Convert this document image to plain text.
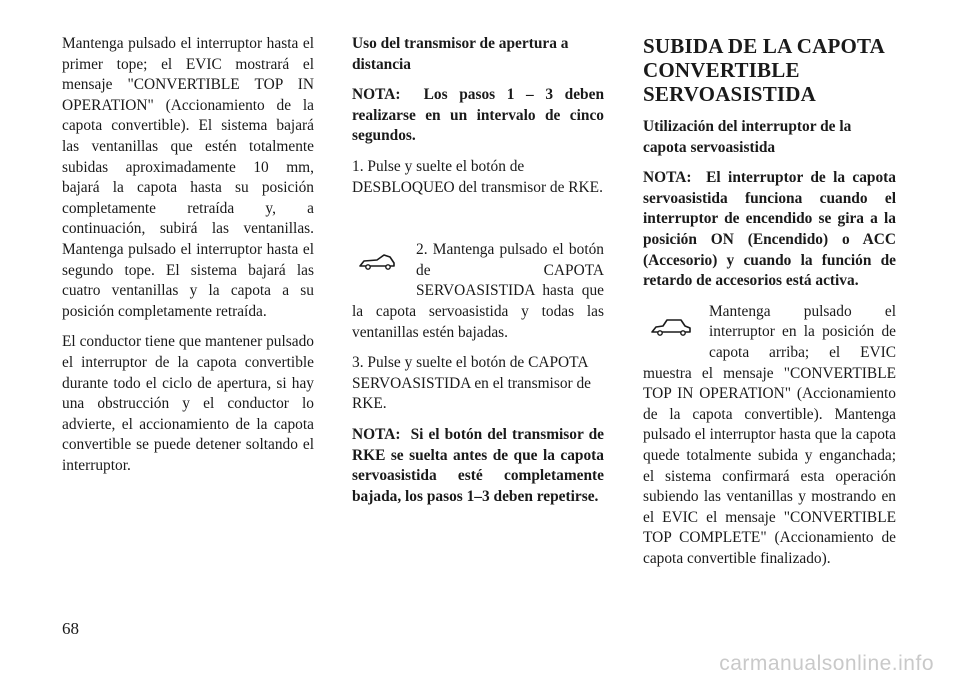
Mantenga pulsado el interruptor hasta el primer tope; el EVIC mostrará el mensaje "CONVERTIBLE TOP IN OPERATION" (Accionamiento de la capota convertible). El sistema bajará las ventanillas que estén totalmente subidas aproximadamente 10 mm, bajará la capota hasta su posición completamente retraída y, a continuación, subirá las ventanillas. Mantenga pulsado el interruptor hasta el segundo tope. El sistema bajará las cuatro ventanillas y la capota a su posición completamente retraída.

El conductor tiene que mantener pulsado el interruptor de la capota convertible durante todo el ciclo de apertura, si hay una obstrucción y el conductor lo advierte, el accionamiento de la capota convertible se puede detener soltando el interruptor.

Uso del transmisor de apertura a distancia

NOTA: Los pasos 1 – 3 deben realizarse en un intervalo de cinco segundos.

1. Pulse y suelte el botón de DESBLOQUEO del transmisor de RKE.

2. Mantenga pulsado el botón de CAPOTA SERVOASISTIDA hasta que la capota servoasistida y todas las ventanillas estén bajadas.

3. Pulse y suelte el botón de CAPOTA SERVOASISTIDA en el transmisor de RKE.

NOTA: Si el botón del transmisor de RKE se suelta antes de que la capota servoasistida esté completamente bajada, los pasos 1–3 deben repetirse.

SUBIDA DE LA CAPOTA CONVERTIBLE SERVOASISTIDA

Utilización del interruptor de la capota servoasistida

NOTA: El interruptor de la capota servoasistida funciona cuando el interruptor de encendido se gira a la posición ON (Encendido) o ACC (Accesorio) y cuando la función de retardo de accesorios está activa.

Mantenga pulsado el interruptor en la posición de capota arriba; el EVIC muestra el mensaje "CONVERTIBLE TOP IN OPERATION" (Accionamiento de la capota convertible). Mantenga pulsado el interruptor hasta que la capota quede totalmente subida y enganchada; el sistema confirmará esta operación subiendo las ventanillas y mostrando en el EVIC el mensaje "CONVERTIBLE TOP COMPLETE" (Accionamiento de capota convertible finalizado).

68
carmanualsonline.info
